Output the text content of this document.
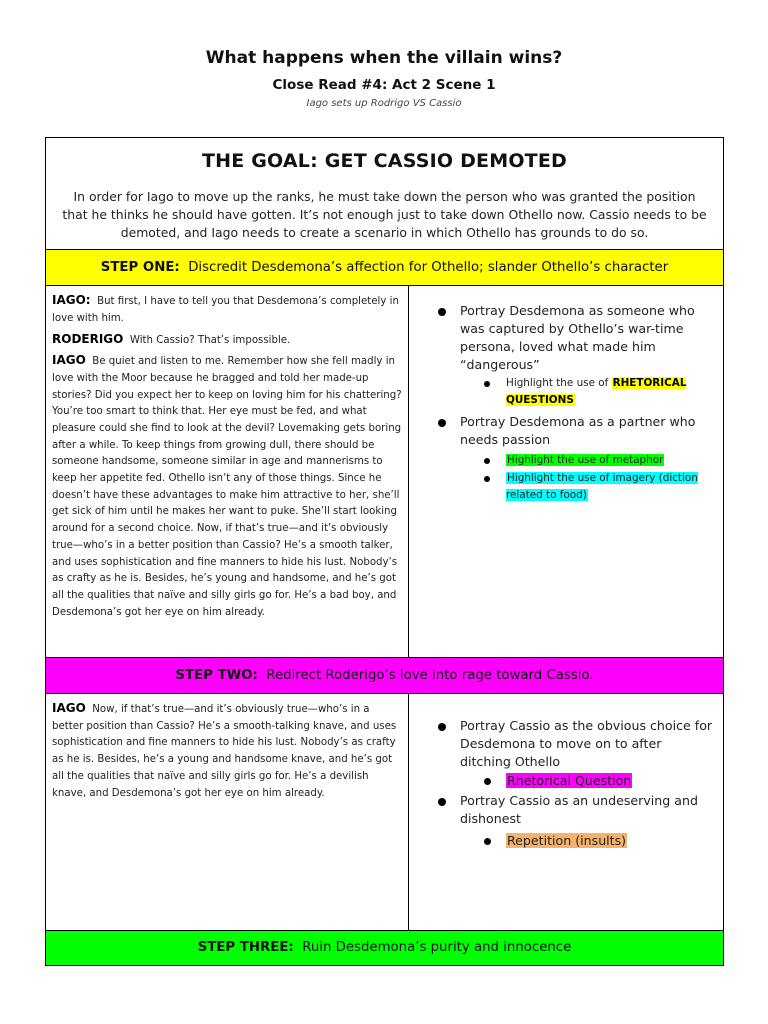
What happens when the villain wins?
Close Read #4: Act 2 Scene 1
Iago sets up Rodrigo VS Cassio
THE GOAL: GET CASSIO DEMOTED
In order for Iago to move up the ranks, he must take down the person who was granted the position that he thinks he should have gotten. It’s not enough just to take down Othello now. Cassio needs to be demoted, and Iago needs to create a scenario in which Othello has grounds to do so.
STEP ONE: Discredit Desdemona’s affection for Othello; slander Othello’s character
IAGO: But first, I have to tell you that Desdemona’s completely in love with him.
RODERIGO With Cassio? That’s impossible.
IAGO Be quiet and listen to me. Remember how she fell madly in love with the Moor because he bragged and told her made-up stories? Did you expect her to keep on loving him for his chattering? You’re too smart to think that. Her eye must be fed, and what pleasure could she find to look at the devil? Lovemaking gets boring after a while. To keep things from growing dull, there should be someone handsome, someone similar in age and mannerisms to keep her appetite fed. Othello isn’t any of those things. Since he doesn’t have these advantages to make him attractive to her, she’ll get sick of him until he makes her want to puke. She’ll start looking around for a second choice. Now, if that’s true—and it’s obviously true—who’s in a better position than Cassio? He’s a smooth talker, and uses sophistication and fine manners to hide his lust. Nobody’s as crafty as he is. Besides, he’s young and handsome, and he’s got all the qualities that naïve and silly girls go for. He’s a bad boy, and Desdemona’s got her eye on him already.
Portray Desdemona as someone who was captured by Othello’s war-time persona, loved what made him “dangerous”
Highlight the use of RHETORICAL QUESTIONS
Portray Desdemona as a partner who needs passion
Highlight the use of metaphor
Highlight the use of imagery (diction related to food)
STEP TWO: Redirect Roderigo’s love into rage toward Cassio.
IAGO Now, if that’s true—and it’s obviously true—who’s in a better position than Cassio? He’s a smooth-talking knave, and uses sophistication and fine manners to hide his lust. Nobody’s as crafty as he is. Besides, he’s a young and handsome knave, and he’s got all the qualities that naïve and silly girls go for. He’s a devilish knave, and Desdemona’s got her eye on him already.
Portray Cassio as the obvious choice for Desdemona to move on to after ditching Othello
Rhetorical Question
Portray Cassio as an undeserving and dishonest
Repetition (insults)
STEP THREE: Ruin Desdemona’s purity and innocence
